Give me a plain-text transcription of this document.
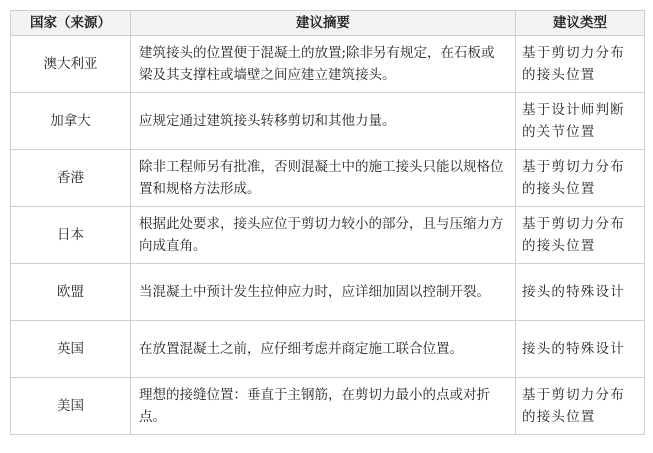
国家（来源）	建议摘要	建议类型
澳大利亚	建筑接头的位置便于混凝土的放置;除非另有规定，在石板或梁及其支撑柱或墙壁之间应建立建筑接头。	基于剪切力分布的接头位置
加拿大	应规定通过建筑接头转移剪切和其他力量。	基于设计师判断的关节位置
香港	除非工程师另有批准，否则混凝土中的施工接头只能以规格位置和规格方法形成。	基于剪切力分布的接头位置
日本	根据此处要求，接头应位于剪切力较小的部分，且与压缩力方向成直角。	基于剪切力分布的接头位置
欧盟	当混凝土中预计发生拉伸应力时，应详细加固以控制开裂。	接头的特殊设计
英国	在放置混凝土之前，应仔细考虑并商定施工联合位置。	接头的特殊设计
美国	理想的接缝位置：垂直于主钢筋，在剪切力最小的点或对折点。	基于剪切力分布的接头位置
